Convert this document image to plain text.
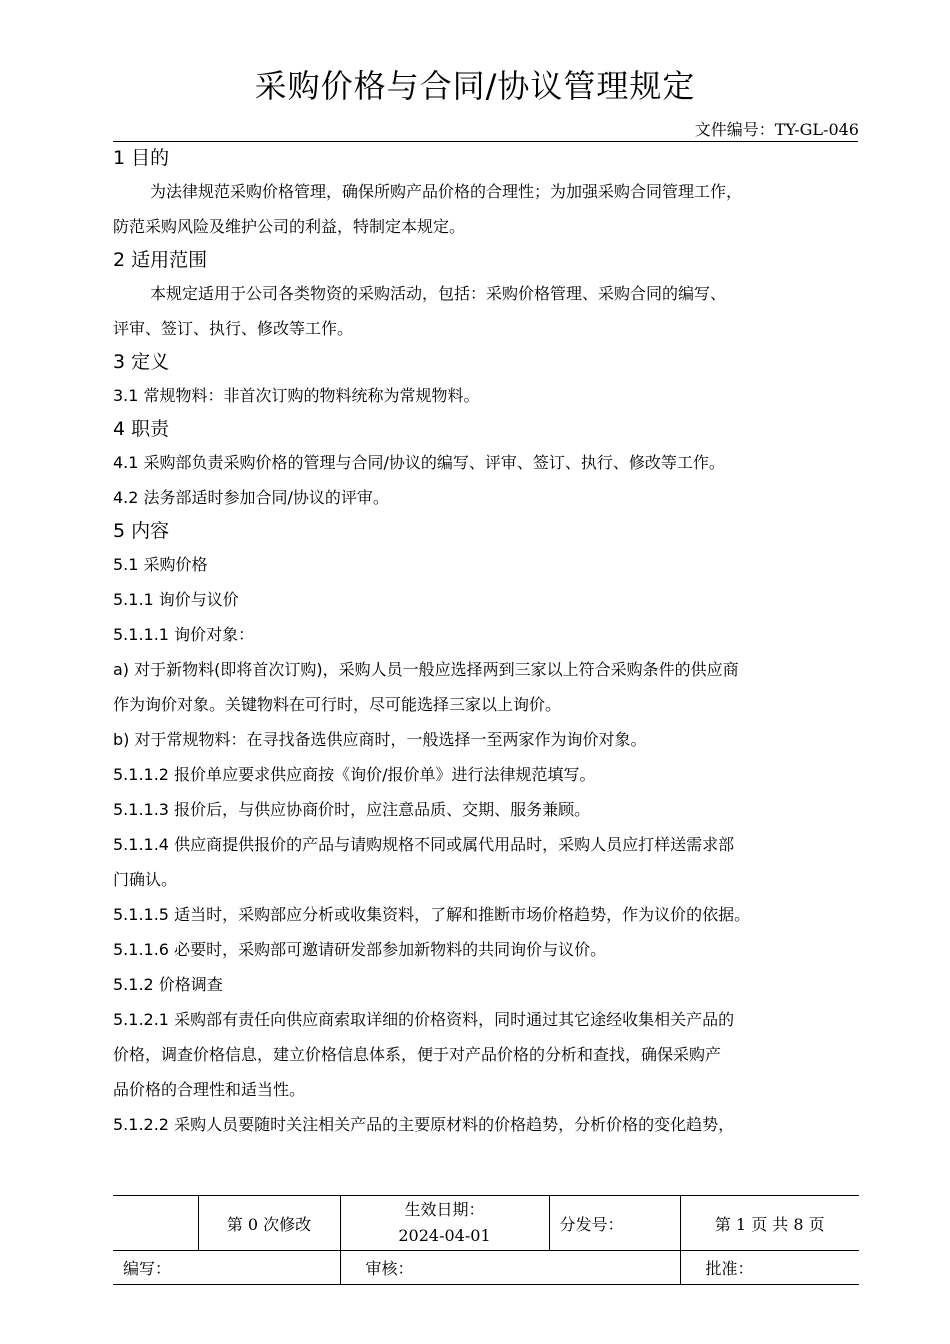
采购价格与合同/协议管理规定
文件编号：TY-GL-046
1 目的
为法律规范采购价格管理，确保所购产品价格的合理性；为加强采购合同管理工作，
防范采购风险及维护公司的利益，特制定本规定。
2 适用范围
本规定适用于公司各类物资的采购活动，包括：采购价格管理、采购合同的编写、
评审、签订、执行、修改等工作。
3 定义
3.1 常规物料：非首次订购的物料统称为常规物料。
4 职责
4.1 采购部负责采购价格的管理与合同/协议的编写、评审、签订、执行、修改等工作。
4.2 法务部适时参加合同/协议的评审。
5 内容
5.1 采购价格
5.1.1 询价与议价
5.1.1.1 询价对象：
a) 对于新物料(即将首次订购)，采购人员一般应选择两到三家以上符合采购条件的供应商
作为询价对象。关键物料在可行时，尽可能选择三家以上询价。
b) 对于常规物料：在寻找备选供应商时，一般选择一至两家作为询价对象。
5.1.1.2 报价单应要求供应商按《询价/报价单》进行法律规范填写。
5.1.1.3 报价后，与供应协商价时，应注意品质、交期、服务兼顾。
5.1.1.4 供应商提供报价的产品与请购规格不同或属代用品时，采购人员应打样送需求部
门确认。
5.1.1.5 适当时，采购部应分析或收集资料，了解和推断市场价格趋势，作为议价的依据。
5.1.1.6 必要时，采购部可邀请研发部参加新物料的共同询价与议价。
5.1.2 价格调查
5.1.2.1 采购部有责任向供应商索取详细的价格资料，同时通过其它途经收集相关产品的
价格，调查价格信息，建立价格信息体系，便于对产品价格的分析和查找，确保采购产
品价格的合理性和适当性。
5.1.2.2 采购人员要随时关注相关产品的主要原材料的价格趋势，分析价格的变化趋势，
	第 0 次修改	生效日期：
2024-04-01	分发号：	第 1 页 共 8 页
编写：		审核：		批准：
